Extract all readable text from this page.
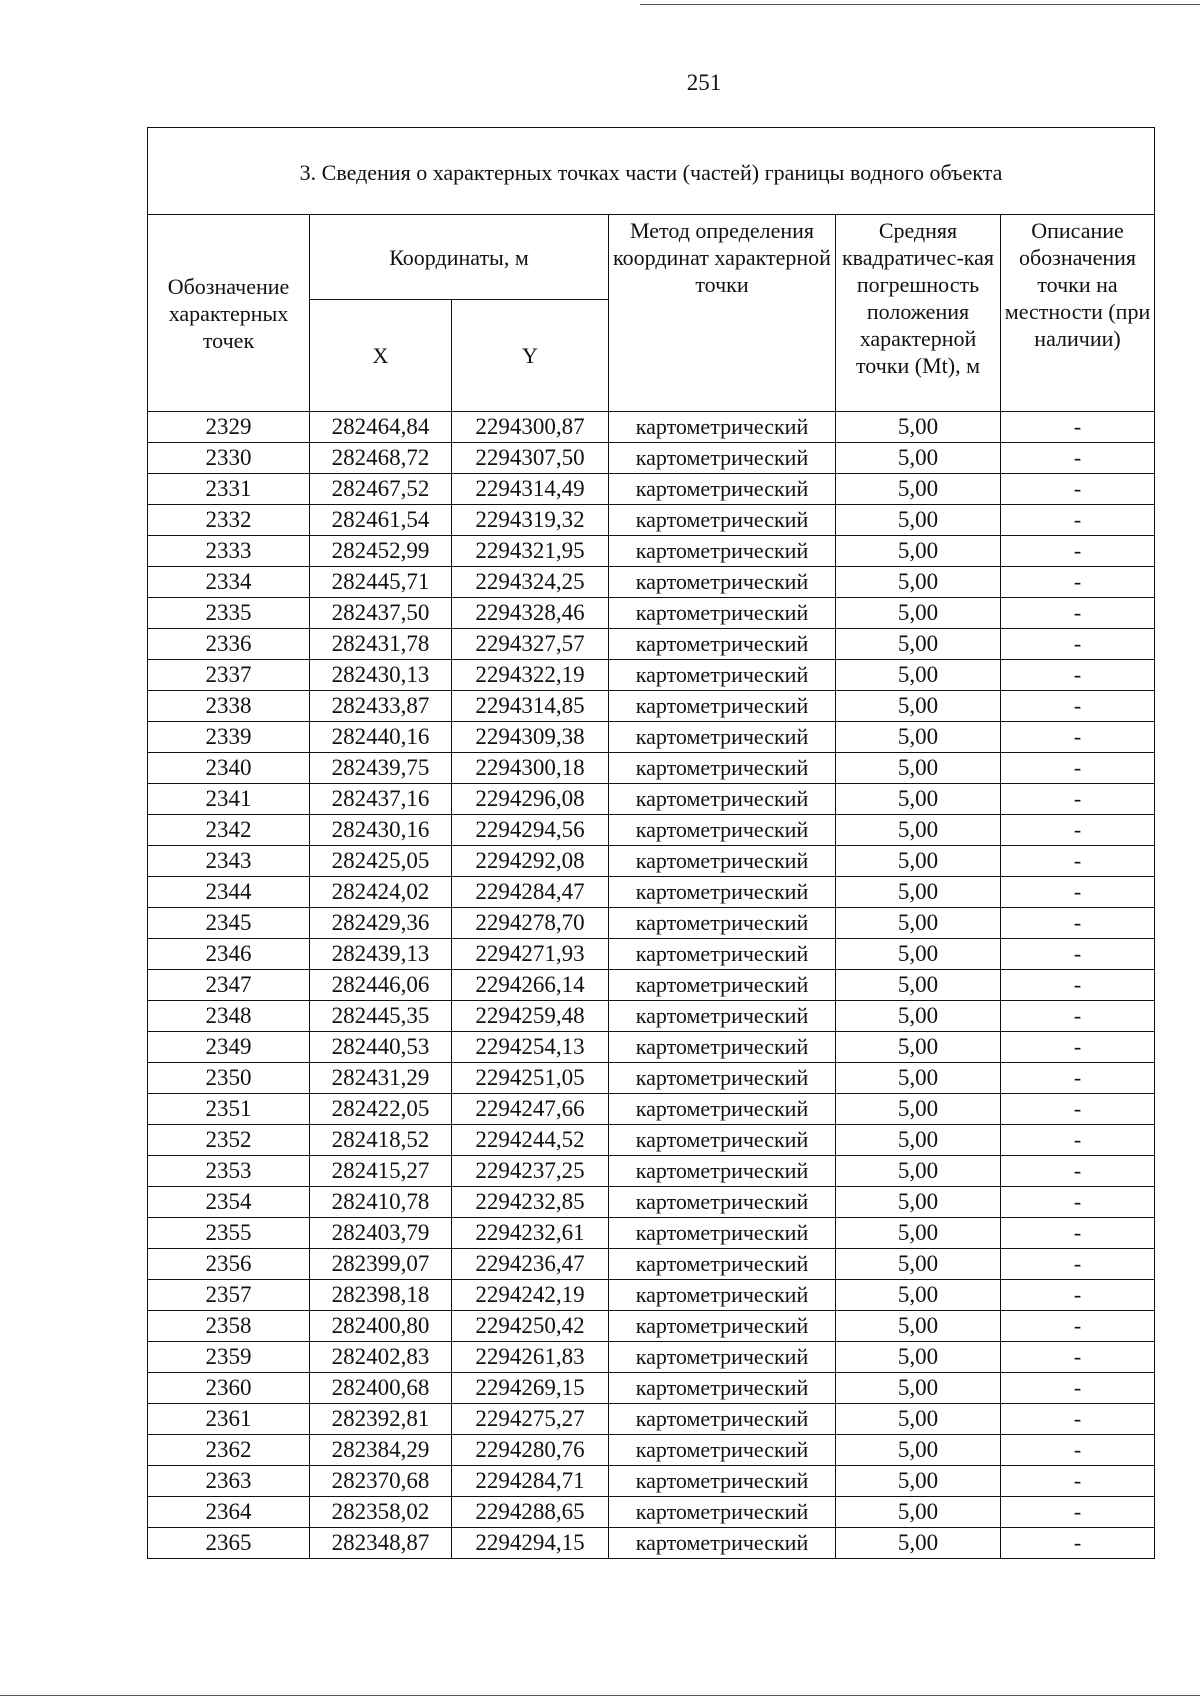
251
3. Сведения о характерных точках части (частей) границы водного объекта					
Обозначение характерных точек	Координаты, м		Метод определения координат характерной точки	Средняя квадратичес-кая погрешность положения характерной точки (Mt), м	Описание обозначения точки на местности (при наличии)
	X	Y			
2329	282464,84	2294300,87	картометрический	5,00	-
2330	282468,72	2294307,50	картометрический	5,00	-
2331	282467,52	2294314,49	картометрический	5,00	-
2332	282461,54	2294319,32	картометрический	5,00	-
2333	282452,99	2294321,95	картометрический	5,00	-
2334	282445,71	2294324,25	картометрический	5,00	-
2335	282437,50	2294328,46	картометрический	5,00	-
2336	282431,78	2294327,57	картометрический	5,00	-
2337	282430,13	2294322,19	картометрический	5,00	-
2338	282433,87	2294314,85	картометрический	5,00	-
2339	282440,16	2294309,38	картометрический	5,00	-
2340	282439,75	2294300,18	картометрический	5,00	-
2341	282437,16	2294296,08	картометрический	5,00	-
2342	282430,16	2294294,56	картометрический	5,00	-
2343	282425,05	2294292,08	картометрический	5,00	-
2344	282424,02	2294284,47	картометрический	5,00	-
2345	282429,36	2294278,70	картометрический	5,00	-
2346	282439,13	2294271,93	картометрический	5,00	-
2347	282446,06	2294266,14	картометрический	5,00	-
2348	282445,35	2294259,48	картометрический	5,00	-
2349	282440,53	2294254,13	картометрический	5,00	-
2350	282431,29	2294251,05	картометрический	5,00	-
2351	282422,05	2294247,66	картометрический	5,00	-
2352	282418,52	2294244,52	картометрический	5,00	-
2353	282415,27	2294237,25	картометрический	5,00	-
2354	282410,78	2294232,85	картометрический	5,00	-
2355	282403,79	2294232,61	картометрический	5,00	-
2356	282399,07	2294236,47	картометрический	5,00	-
2357	282398,18	2294242,19	картометрический	5,00	-
2358	282400,80	2294250,42	картометрический	5,00	-
2359	282402,83	2294261,83	картометрический	5,00	-
2360	282400,68	2294269,15	картометрический	5,00	-
2361	282392,81	2294275,27	картометрический	5,00	-
2362	282384,29	2294280,76	картометрический	5,00	-
2363	282370,68	2294284,71	картометрический	5,00	-
2364	282358,02	2294288,65	картометрический	5,00	-
2365	282348,87	2294294,15	картометрический	5,00	-
